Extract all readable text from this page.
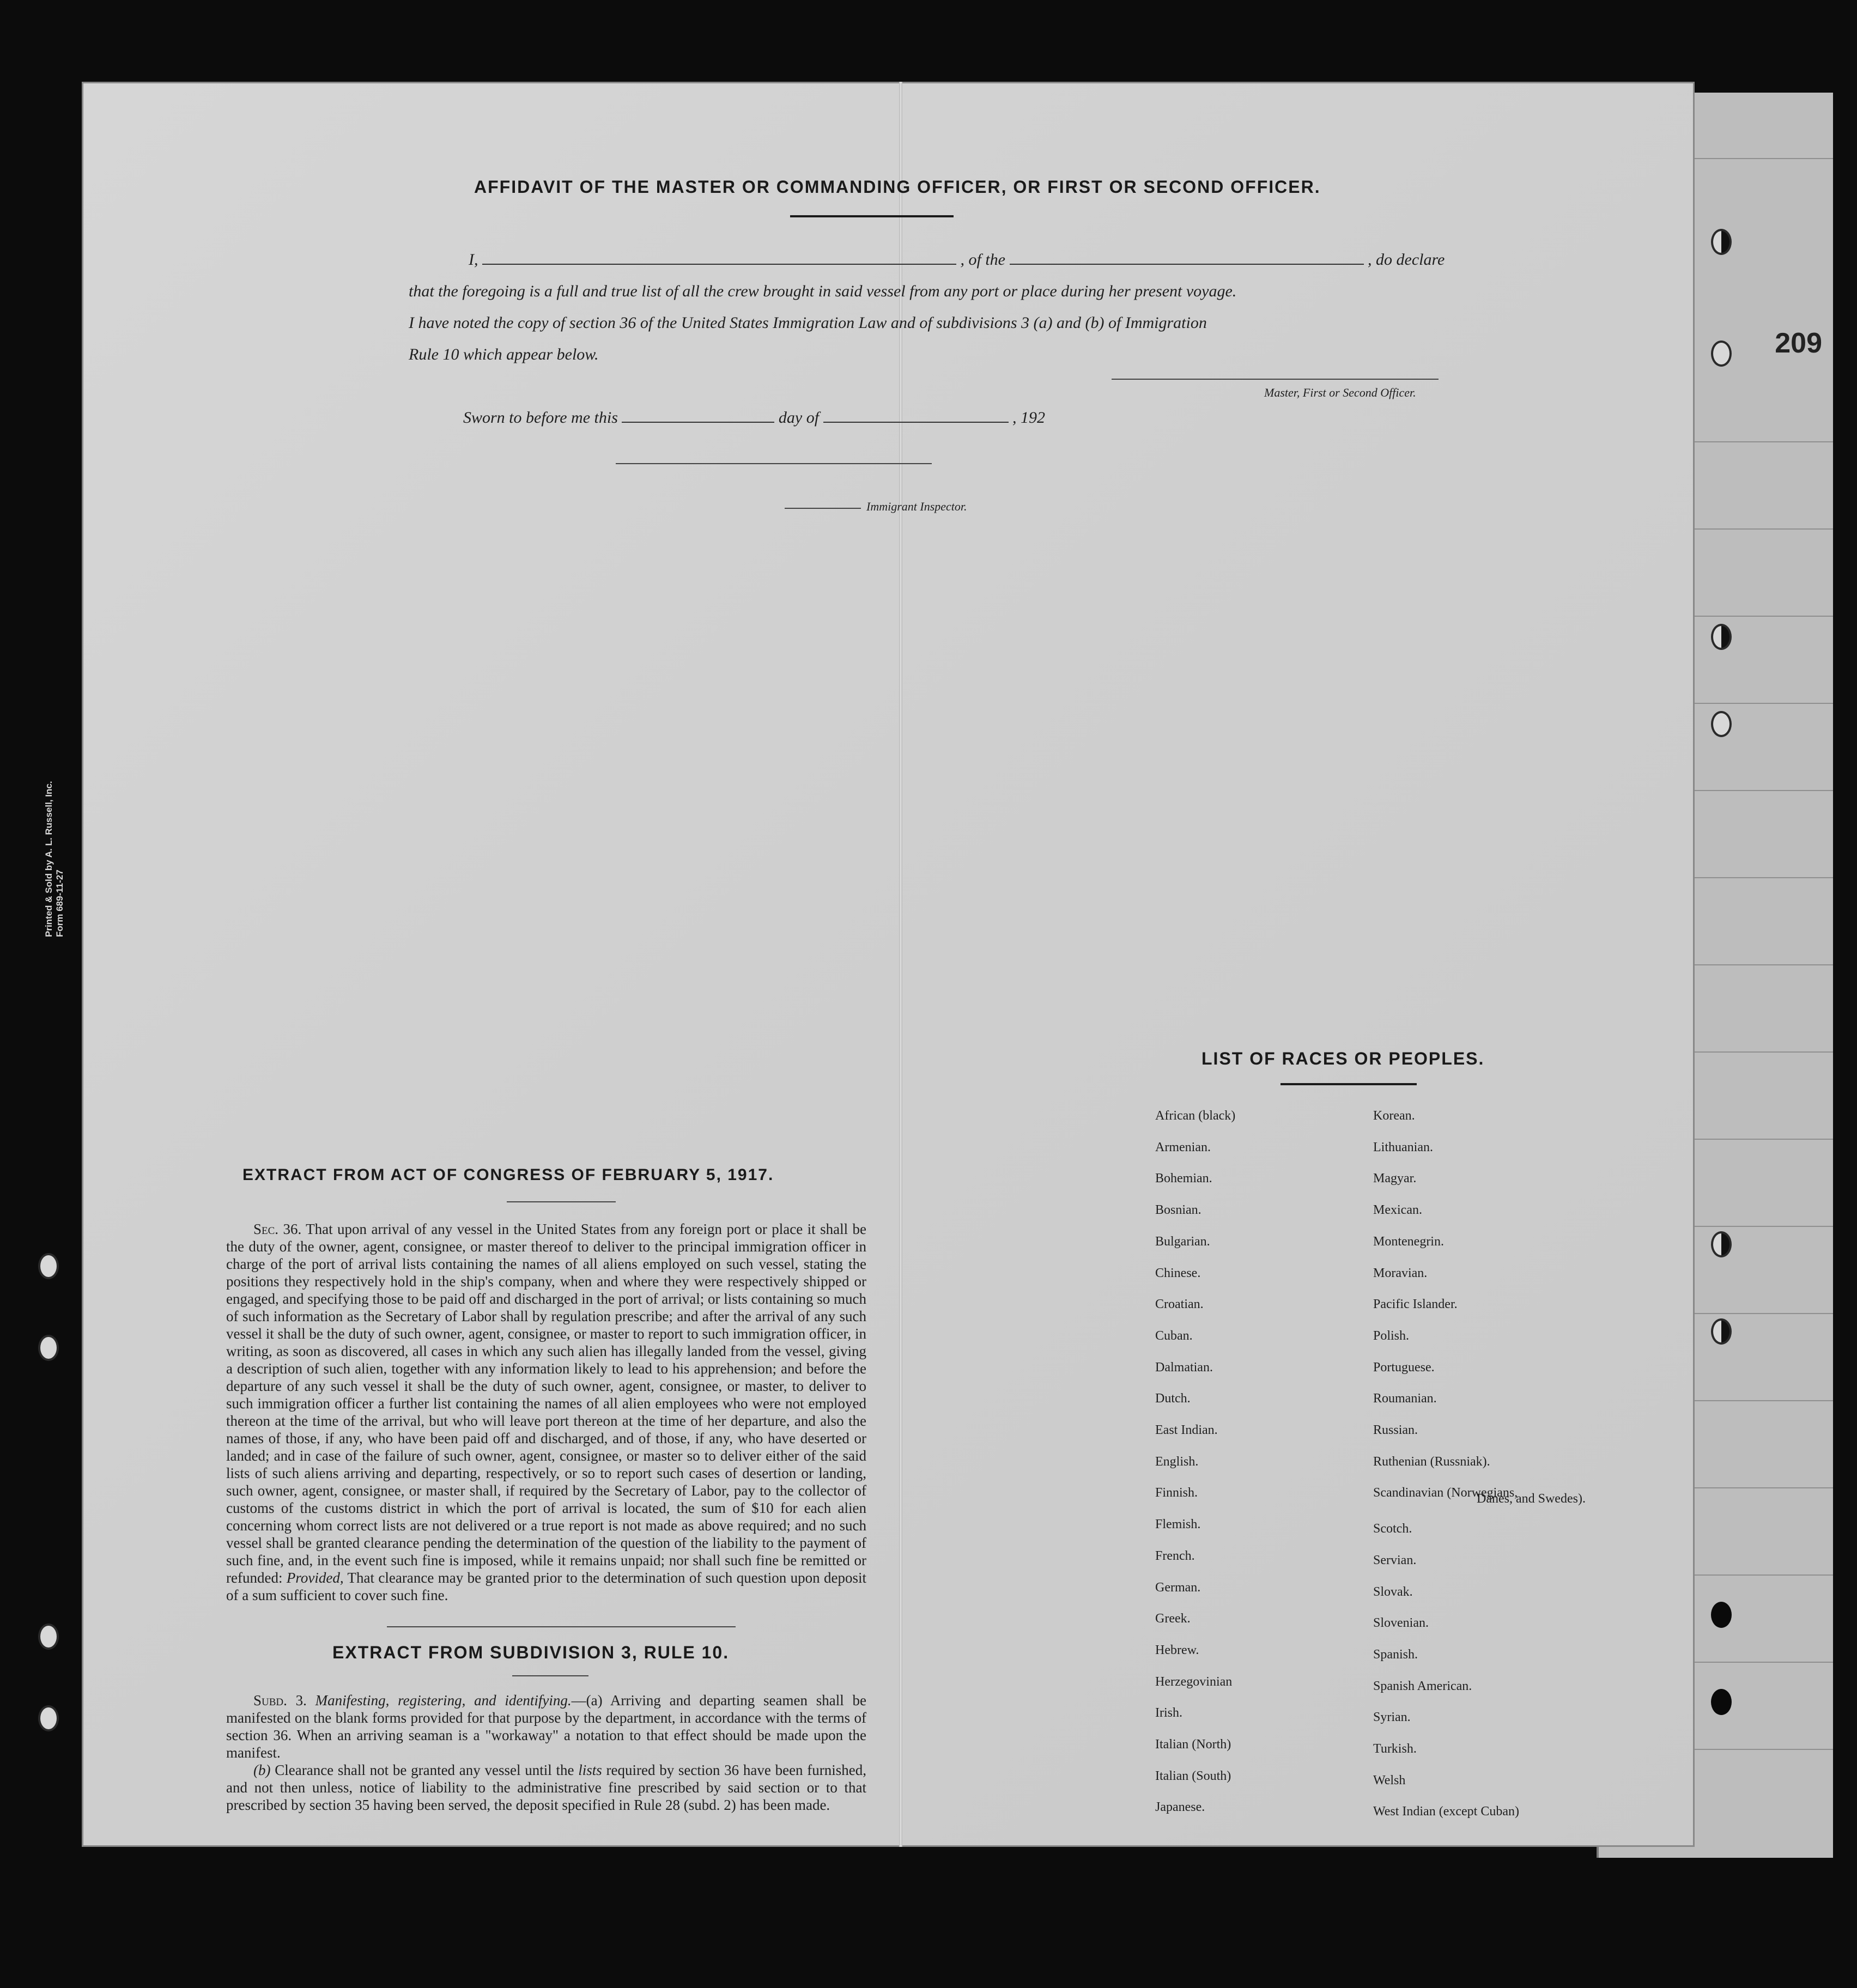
209
AFFIDAVIT OF THE MASTER OR COMMANDING OFFICER, OR FIRST OR SECOND OFFICER.
I,	, of the	, do declare
that the foregoing is a full and true list of all the crew brought in said vessel from any port or place during her present voyage.
I have noted the copy of section 36 of the United States Immigration Law and of subdivisions 3 (a) and (b) of Immigration
Rule 10 which appear below.
Master, First or Second Officer.
Sworn to before me this	day of	, 192
Immigrant Inspector.
EXTRACT FROM ACT OF CONGRESS OF FEBRUARY 5, 1917.
Sec. 36. That upon arrival of any vessel in the United States from any foreign port or place it shall be the duty of the owner, agent, consignee, or master thereof to deliver to the principal immigration officer in charge of the port of arrival lists containing the names of all aliens employed on such vessel, stating the positions they respectively hold in the ship's company, when and where they were respectively shipped or engaged, and specifying those to be paid off and discharged in the port of arrival; or lists containing so much of such information as the Secretary of Labor shall by regulation prescribe; and after the arrival of any such vessel it shall be the duty of such owner, agent, consignee, or master to report to such immigration officer, in writing, as soon as discovered, all cases in which any such alien has illegally landed from the vessel, giving a description of such alien, together with any information likely to lead to his apprehension; and before the departure of any such vessel it shall be the duty of such owner, agent, consignee, or master, to deliver to such immigration officer a further list containing the names of all alien employees who were not employed thereon at the time of the arrival, but who will leave port thereon at the time of her departure, and also the names of those, if any, who have been paid off and discharged, and of those, if any, who have deserted or landed; and in case of the failure of such owner, agent, consignee, or master so to deliver either of the said lists of such aliens arriving and departing, respectively, or so to report such cases of desertion or landing, such owner, agent, consignee, or master shall, if required by the Secretary of Labor, pay to the collector of customs of the customs district in which the port of arrival is located, the sum of $10 for each alien concerning whom correct lists are not delivered or a true report is not made as above required; and no such vessel shall be granted clearance pending the determination of the question of the liability to the payment of such fine, and, in the event such fine is imposed, while it remains unpaid; nor shall such fine be remitted or refunded: Provided, That clearance may be granted prior to the determination of such question upon deposit of a sum sufficient to cover such fine.
EXTRACT FROM SUBDIVISION 3, RULE 10.
Subd. 3. Manifesting, registering, and identifying.—(a) Arriving and departing seamen shall be manifested on the blank forms provided for that purpose by the department, in accordance with the terms of section 36. When an arriving seaman is a "workaway" a notation to that effect should be made upon the manifest.
(b) Clearance shall not be granted any vessel until the lists required by section 36 have been furnished, and not then unless, notice of liability to the administrative fine prescribed by said section or to that prescribed by section 35 having been served, the deposit specified in Rule 28 (subd. 2) has been made.
LIST OF RACES OR PEOPLES.
African (black)
Armenian.
Bohemian.
Bosnian.
Bulgarian.
Chinese.
Croatian.
Cuban.
Dalmatian.
Dutch.
East Indian.
English.
Finnish.
Flemish.
French.
German.
Greek.
Hebrew.
Herzegovinian
Irish.
Italian (North)
Italian (South)
Japanese.
Korean.
Lithuanian.
Magyar.
Mexican.
Montenegrin.
Moravian.
Pacific Islander.
Polish.
Portuguese.
Roumanian.
Russian.
Ruthenian (Russniak).
Scandinavian (Norwegians,
Scotch.
Servian.
Slovak.
Slovenian.
Spanish.
Spanish American.
Syrian.
Turkish.
Welsh
West Indian (except Cuban)
Danes, and Swedes).
Printed & Sold by A. L. Russell, Inc. Form 689-11-27
